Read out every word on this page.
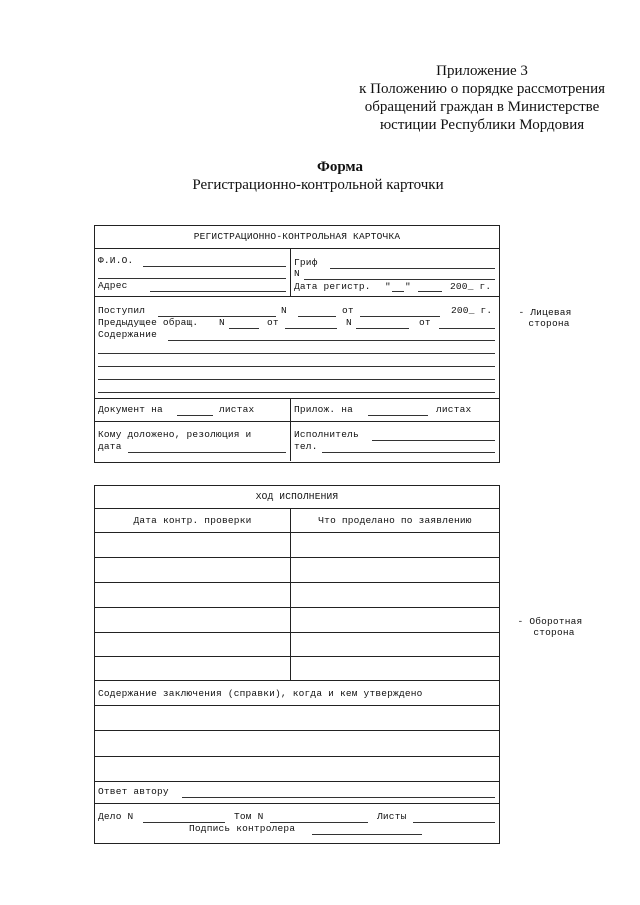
Приложение 3
к Положению о порядке рассмотрения
обращений граждан в Министерстве
юстиции Республики Мордовия
Форма
Регистрационно-контрольной карточки
РЕГИСТРАЦИОННО-КОНТРОЛЬНАЯ КАРТОЧКА
Ф.И.О.	Гриф
N
Адрес	Дата регистр. " "	200_ г.
Поступил	N	от	200_ г.
Предыдущее обращ. N	от	N	от
Содержание
Документ на	листах	Прилож. на	листах
Кому доложено, резолюция и
дата
Исполнитель
тел.
- Лицевая
сторона
ХОД ИСПОЛНЕНИЯ
Дата контр. проверки	Что проделано по заявлению
Содержание заключения (справки), когда и кем утверждено
Ответ автору
Дело N	Том N	Листы
Подпись контролера
- Оборотная
сторона
